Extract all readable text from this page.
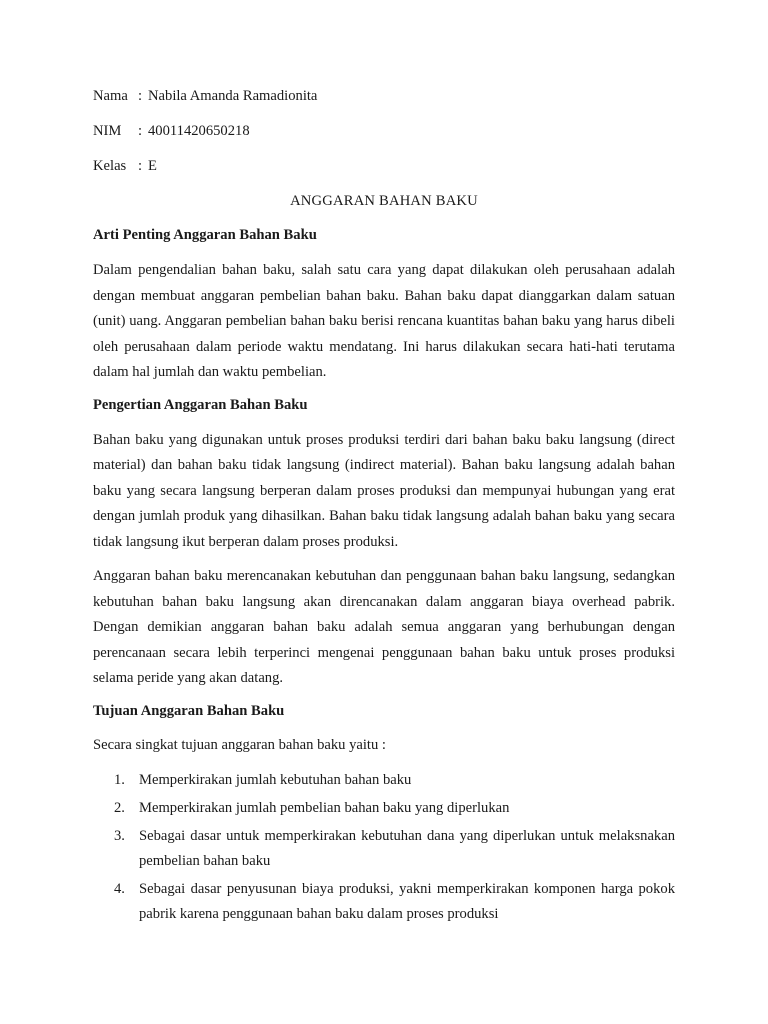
Nama : Nabila Amanda Ramadionita
NIM	: 40011420650218
Kelas : E
ANGGARAN BAHAN BAKU
Arti Penting Anggaran Bahan Baku

Dalam pengendalian bahan baku, salah satu cara yang dapat dilakukan oleh perusahaan adalah dengan membuat anggaran pembelian bahan baku. Bahan baku dapat dianggarkan dalam satuan (unit) uang. Anggaran pembelian bahan baku berisi rencana kuantitas bahan baku yang harus dibeli oleh perusahaan dalam periode waktu mendatang. Ini harus dilakukan secara hati-hati terutama dalam hal jumlah dan waktu pembelian.

Pengertian Anggaran Bahan Baku

Bahan baku yang digunakan untuk proses produksi terdiri dari bahan baku baku langsung (direct material) dan bahan baku tidak langsung (indirect material). Bahan baku langsung adalah bahan baku yang secara langsung berperan dalam proses produksi dan mempunyai hubungan yang erat dengan jumlah produk yang dihasilkan. Bahan baku tidak langsung adalah bahan baku yang secara tidak langsung ikut berperan dalam proses produksi.

Anggaran bahan baku merencanakan kebutuhan dan penggunaan bahan baku langsung, sedangkan kebutuhan bahan baku langsung akan direncanakan dalam anggaran biaya overhead pabrik. Dengan demikian anggaran bahan baku adalah semua anggaran yang berhubungan dengan perencanaan secara lebih terperinci mengenai penggunaan bahan baku untuk proses produksi selama peride yang akan datang.

Tujuan Anggaran Bahan Baku

Secara singkat tujuan anggaran bahan baku yaitu :

1. Memperkirakan jumlah kebutuhan bahan baku
2. Memperkirakan jumlah pembelian bahan baku yang diperlukan
3. Sebagai dasar untuk memperkirakan kebutuhan dana yang diperlukan untuk melaksnakan pembelian bahan baku
4. Sebagai dasar penyusunan biaya produksi, yakni memperkirakan komponen harga pokok pabrik karena penggunaan bahan baku dalam proses produksi
